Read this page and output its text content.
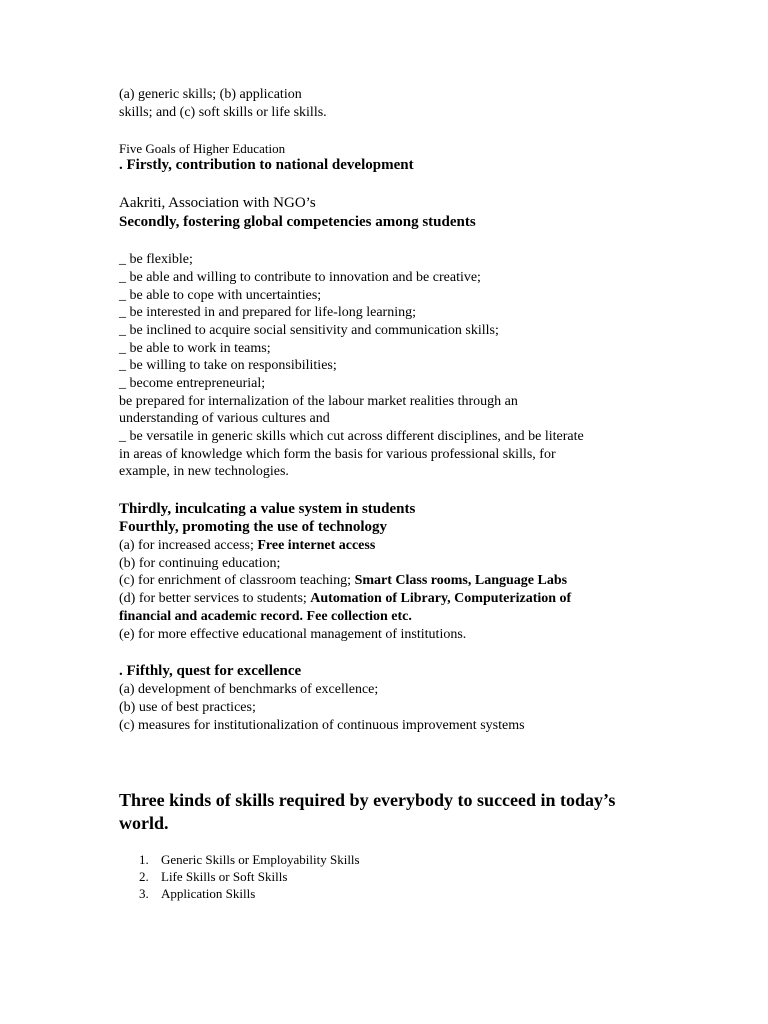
(a) generic skills; (b) application
skills; and (c) soft skills or life skills.
Five Goals of Higher Education
. Firstly, contribution to national development
Aakriti, Association with NGO’s
Secondly, fostering global competencies among students
_ be flexible;
_ be able and willing to contribute to innovation and be creative;
_ be able to cope with uncertainties;
_ be interested in and prepared for life-long learning;
_ be inclined to acquire social sensitivity and communication skills;
_ be able to work in teams;
_ be willing to take on responsibilities;
_ become entrepreneurial;
be prepared for internalization of the labour market realities through an
understanding of various cultures and
_ be versatile in generic skills which cut across different disciplines, and be literate
in areas of knowledge which form the basis for various professional skills, for
example, in new technologies.
Thirdly, inculcating a value system in students
Fourthly, promoting the use of technology
(a) for increased access; Free internet access
(b) for continuing education;
(c) for enrichment of classroom teaching; Smart Class rooms, Language Labs
(d) for better services to students; Automation of Library, Computerization of
financial and academic record. Fee collection etc.
(e) for more effective educational management of institutions.
. Fifthly, quest for excellence
(a) development of benchmarks of excellence;
(b) use of best practices;
(c) measures for institutionalization of continuous improvement systems
Three kinds of skills required by everybody to succeed in today’s
world.
1. Generic Skills or Employability Skills
2. Life Skills or Soft Skills
3. Application Skills
